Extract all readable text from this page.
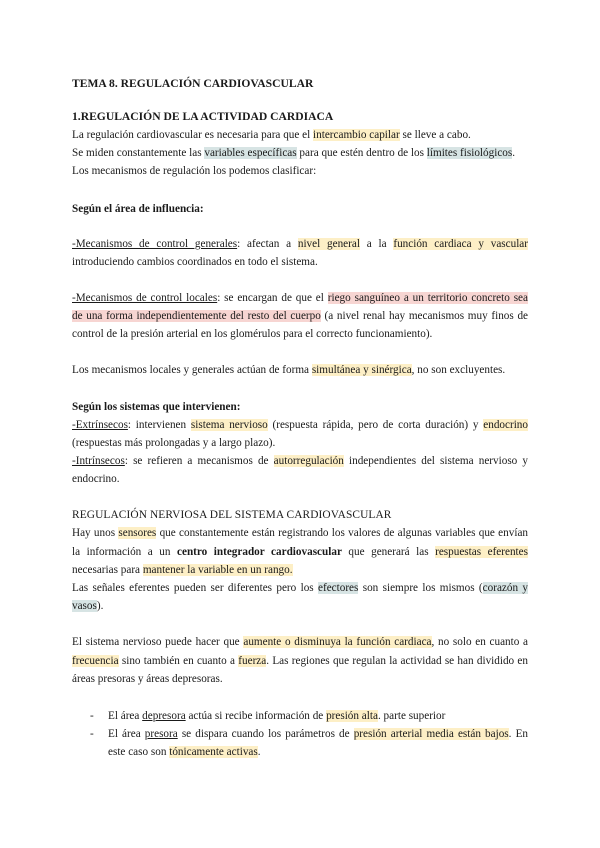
TEMA 8. REGULACIÓN CARDIOVASCULAR
1.REGULACIÓN DE LA ACTIVIDAD CARDIACA
La regulación cardiovascular es necesaria para que el intercambio capilar se lleve a cabo.
Se miden constantemente las variables específicas para que estén dentro de los límites fisiológicos.
Los mecanismos de regulación los podemos clasificar:
Según el área de influencia:
-Mecanismos de control generales: afectan a nivel general a la función cardiaca y vascular
introduciendo cambios coordinados en todo el sistema.
-Mecanismos de control locales: se encargan de que el riego sanguíneo a un territorio concreto sea
de una forma independientemente del resto del cuerpo (a nivel renal hay mecanismos muy finos de
control de la presión arterial en los glomérulos para el correcto funcionamiento).
Los mecanismos locales y generales actúan de forma simultánea y sinérgica, no son excluyentes.
Según los sistemas que intervienen:
-Extrínsecos: intervienen sistema nervioso (respuesta rápida, pero de corta duración) y endocrino
(respuestas más prolongadas y a largo plazo).
-Intrínsecos: se refieren a mecanismos de autorregulación independientes del sistema nervioso y
endocrino.
REGULACIÓN NERVIOSA DEL SISTEMA CARDIOVASCULAR
Hay unos sensores que constantemente están registrando los valores de algunas variables que envían
la información a un centro integrador cardiovascular que generará las respuestas eferentes
necesarias para mantener la variable en un rango.
Las señales eferentes pueden ser diferentes pero los efectores son siempre los mismos (corazón y
vasos).
El sistema nervioso puede hacer que aumente o disminuya la función cardiaca, no solo en cuanto a
frecuencia sino también en cuanto a fuerza. Las regiones que regulan la actividad se han dividido en
áreas presoras y áreas depresoras.
-	El área depresora actúa si recibe información de presión alta. parte superior
-	El área presora se dispara cuando los parámetros de presión arterial media están bajos. En
este caso son tónicamente activas.
